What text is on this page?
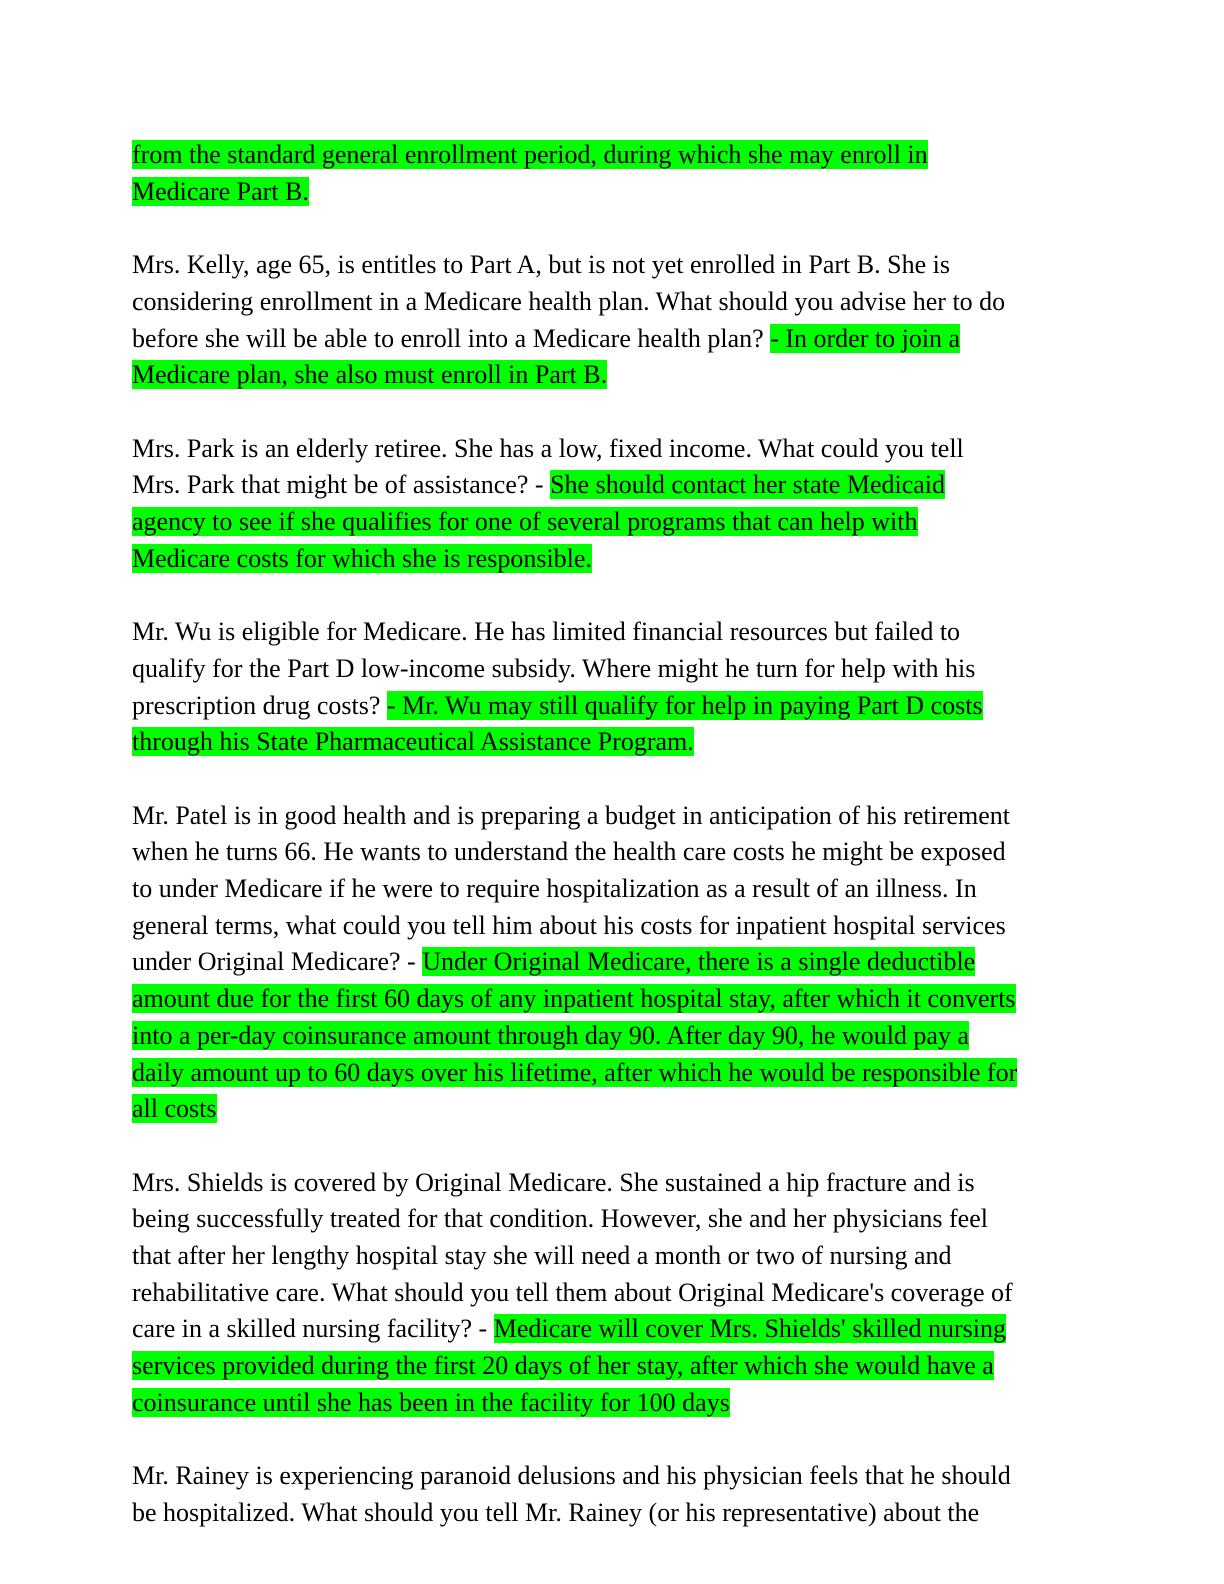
from the standard general enrollment period, during which she may enroll in
Medicare Part B.

Mrs. Kelly, age 65, is entitles to Part A, but is not yet enrolled in Part B. She is
considering enrollment in a Medicare health plan. What should you advise her to do
before she will be able to enroll into a Medicare health plan? - In order to join a
Medicare plan, she also must enroll in Part B.

Mrs. Park is an elderly retiree. She has a low, fixed income. What could you tell
Mrs. Park that might be of assistance? - She should contact her state Medicaid
agency to see if she qualifies for one of several programs that can help with
Medicare costs for which she is responsible.

Mr. Wu is eligible for Medicare. He has limited financial resources but failed to
qualify for the Part D low-income subsidy. Where might he turn for help with his
prescription drug costs? - Mr. Wu may still qualify for help in paying Part D costs
through his State Pharmaceutical Assistance Program.

Mr. Patel is in good health and is preparing a budget in anticipation of his retirement
when he turns 66. He wants to understand the health care costs he might be exposed
to under Medicare if he were to require hospitalization as a result of an illness. In
general terms, what could you tell him about his costs for inpatient hospital services
under Original Medicare? - Under Original Medicare, there is a single deductible
amount due for the first 60 days of any inpatient hospital stay, after which it converts
into a per-day coinsurance amount through day 90. After day 90, he would pay a
daily amount up to 60 days over his lifetime, after which he would be responsible for
all costs

Mrs. Shields is covered by Original Medicare. She sustained a hip fracture and is
being successfully treated for that condition. However, she and her physicians feel
that after her lengthy hospital stay she will need a month or two of nursing and
rehabilitative care. What should you tell them about Original Medicare's coverage of
care in a skilled nursing facility? - Medicare will cover Mrs. Shields' skilled nursing
services provided during the first 20 days of her stay, after which she would have a
coinsurance until she has been in the facility for 100 days

Mr. Rainey is experiencing paranoid delusions and his physician feels that he should
be hospitalized. What should you tell Mr. Rainey (or his representative) about the
